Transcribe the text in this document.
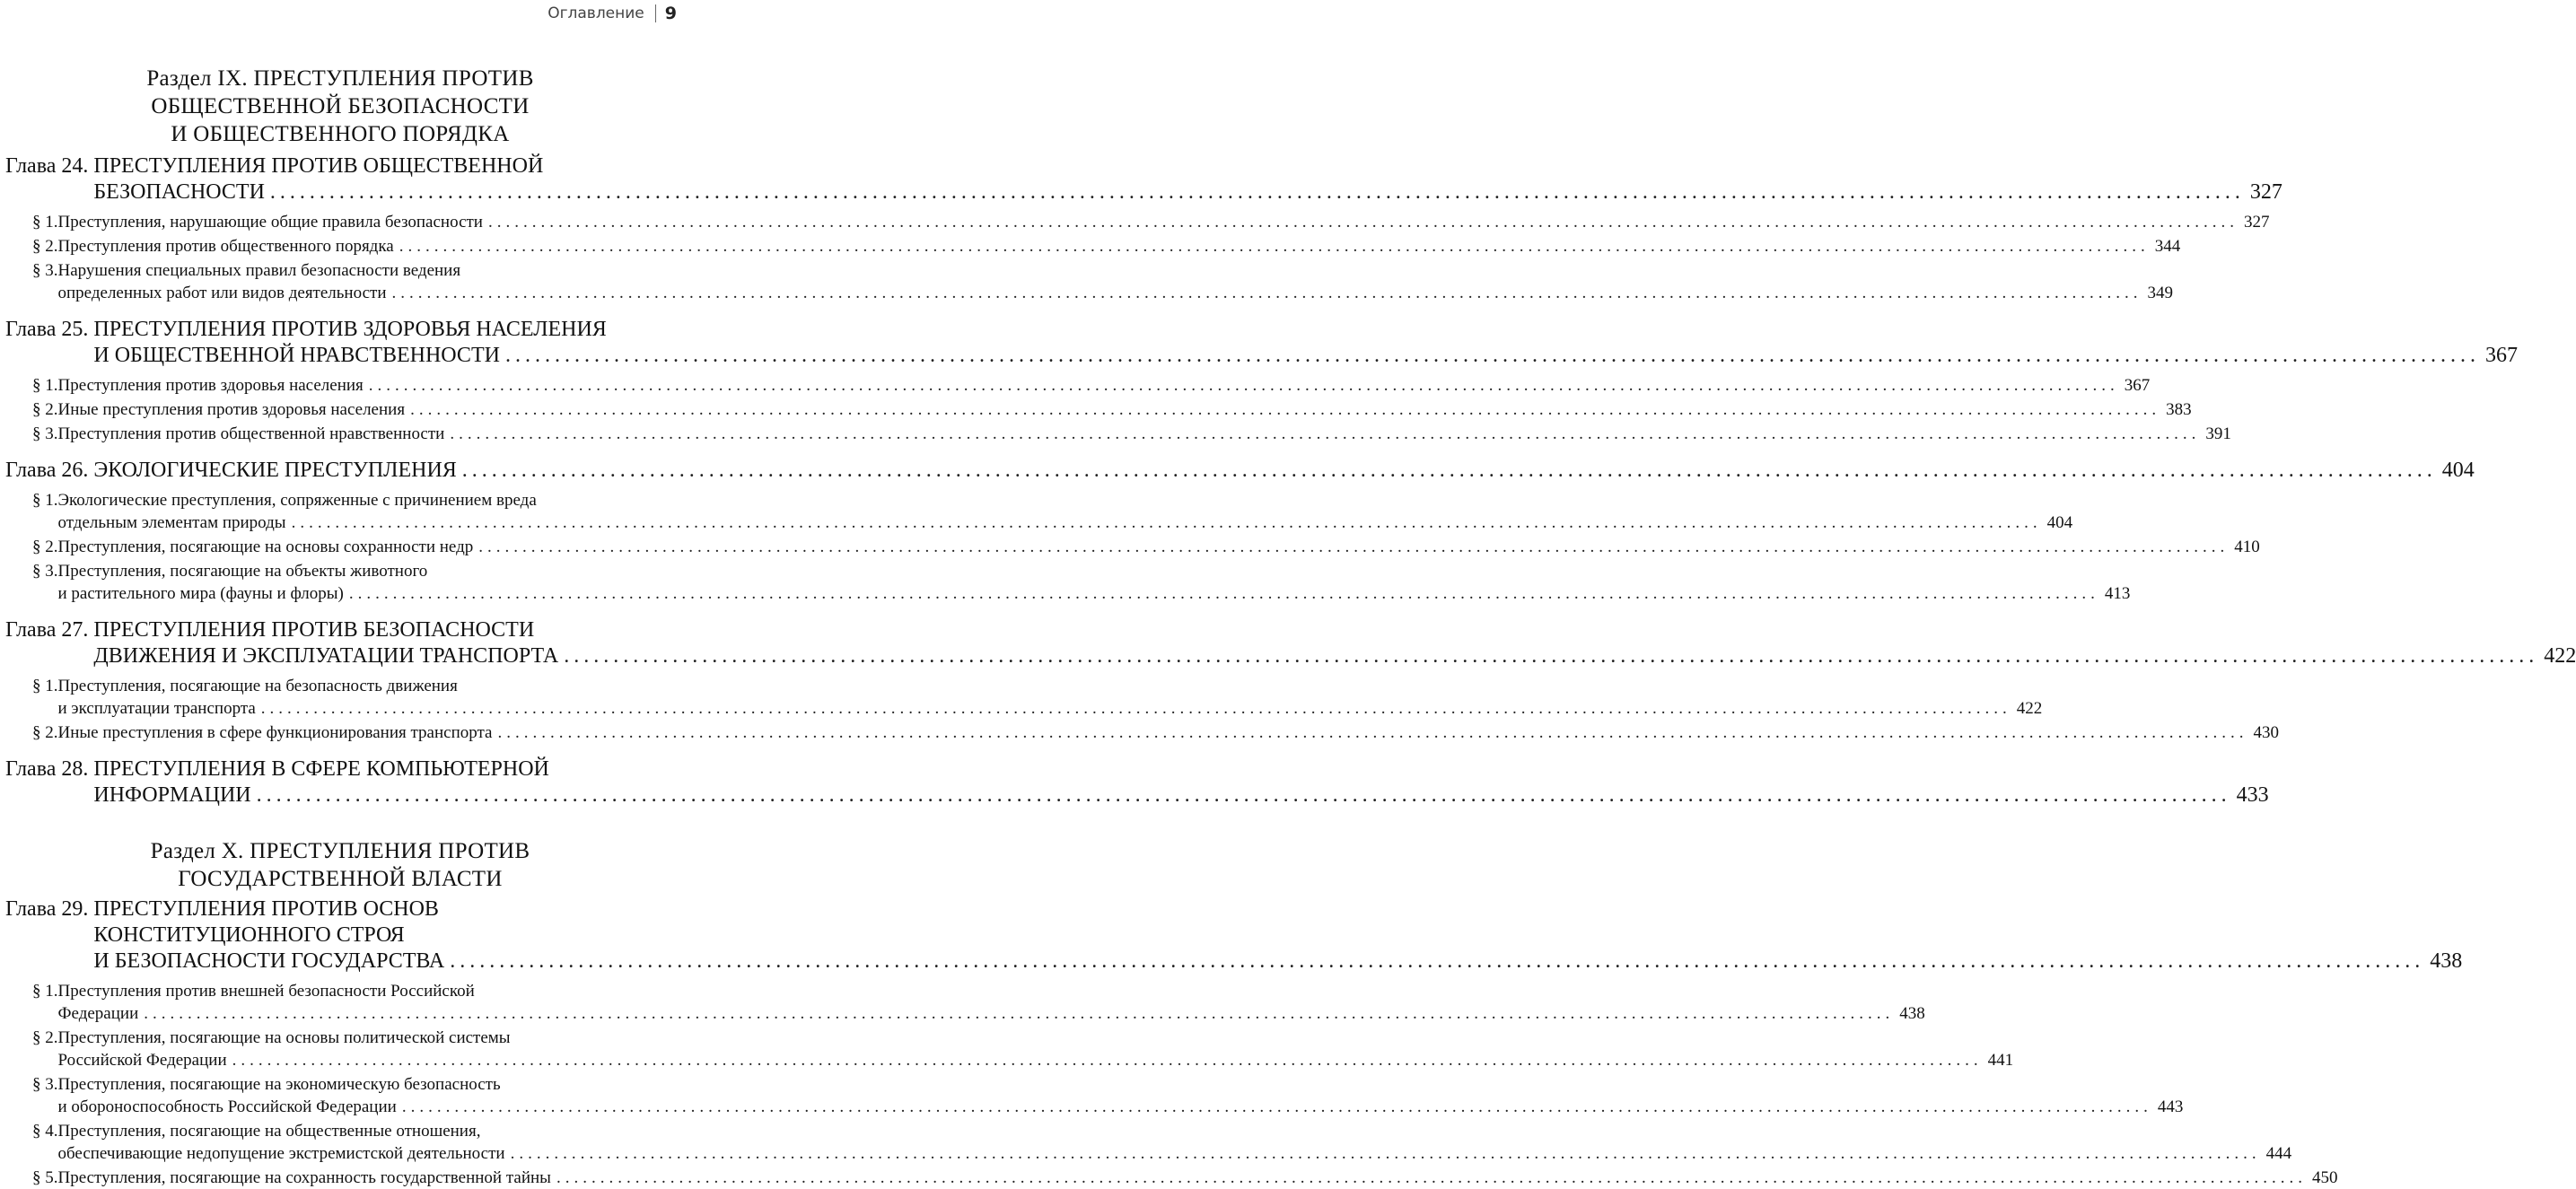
Оглавление 9
Раздел IX. ПРЕСТУПЛЕНИЯ ПРОТИВ
ОБЩЕСТВЕННОЙ БЕЗОПАСНОСТИ
И ОБЩЕСТВЕННОГО ПОРЯДКА
Глава 24. ПРЕСТУПЛЕНИЯ ПРОТИВ ОБЩЕСТВЕННОЙ
БЕЗОПАСНОСТИ ........................................................................................................................................................................................................ 327
§ 1. Преступления, нарушающие общие правила безопасности ........................................................................................................................................................................................................ 327
§ 2. Преступления против общественного порядка ........................................................................................................................................................................................................ 344
§ 3. Нарушения специальных правил безопасности ведения
определенных работ или видов деятельности ........................................................................................................................................................................................................ 349
Глава 25. ПРЕСТУПЛЕНИЯ ПРОТИВ ЗДОРОВЬЯ НАСЕЛЕНИЯ
И ОБЩЕСТВЕННОЙ НРАВСТВЕННОСТИ ........................................................................................................................................................................................................ 367
§ 1. Преступления против здоровья населения ........................................................................................................................................................................................................ 367
§ 2. Иные преступления против здоровья населения ........................................................................................................................................................................................................ 383
§ 3. Преступления против общественной нравственности ........................................................................................................................................................................................................ 391
Глава 26. ЭКОЛОГИЧЕСКИЕ ПРЕСТУПЛЕНИЯ ........................................................................................................................................................................................................ 404
§ 1. Экологические преступления, сопряженные с причинением вреда
отдельным элементам природы ........................................................................................................................................................................................................ 404
§ 2. Преступления, посягающие на основы сохранности недр ........................................................................................................................................................................................................ 410
§ 3. Преступления, посягающие на объекты животного
и растительного мира (фауны и флоры) ........................................................................................................................................................................................................ 413
Глава 27. ПРЕСТУПЛЕНИЯ ПРОТИВ БЕЗОПАСНОСТИ
ДВИЖЕНИЯ И ЭКСПЛУАТАЦИИ ТРАНСПОРТА ........................................................................................................................................................................................................ 422
§ 1. Преступления, посягающие на безопасность движения
и эксплуатации транспорта ........................................................................................................................................................................................................ 422
§ 2. Иные преступления в сфере функционирования транспорта ........................................................................................................................................................................................................ 430
Глава 28. ПРЕСТУПЛЕНИЯ В СФЕРЕ КОМПЬЮТЕРНОЙ
ИНФОРМАЦИИ ........................................................................................................................................................................................................ 433
Раздел X. ПРЕСТУПЛЕНИЯ ПРОТИВ
ГОСУДАРСТВЕННОЙ ВЛАСТИ
Глава 29. ПРЕСТУПЛЕНИЯ ПРОТИВ ОСНОВ
КОНСТИТУЦИОННОГО СТРОЯ
И БЕЗОПАСНОСТИ ГОСУДАРСТВА ........................................................................................................................................................................................................ 438
§ 1. Преступления против внешней безопасности Российской
Федерации ........................................................................................................................................................................................................ 438
§ 2. Преступления, посягающие на основы политической системы
Российской Федерации ........................................................................................................................................................................................................ 441
§ 3. Преступления, посягающие на экономическую безопасность
и обороноспособность Российской Федерации ........................................................................................................................................................................................................ 443
§ 4. Преступления, посягающие на общественные отношения,
обеспечивающие недопущение экстремистской деятельности ........................................................................................................................................................................................................ 444
§ 5. Преступления, посягающие на сохранность государственной тайны ........................................................................................................................................................................................................ 450
